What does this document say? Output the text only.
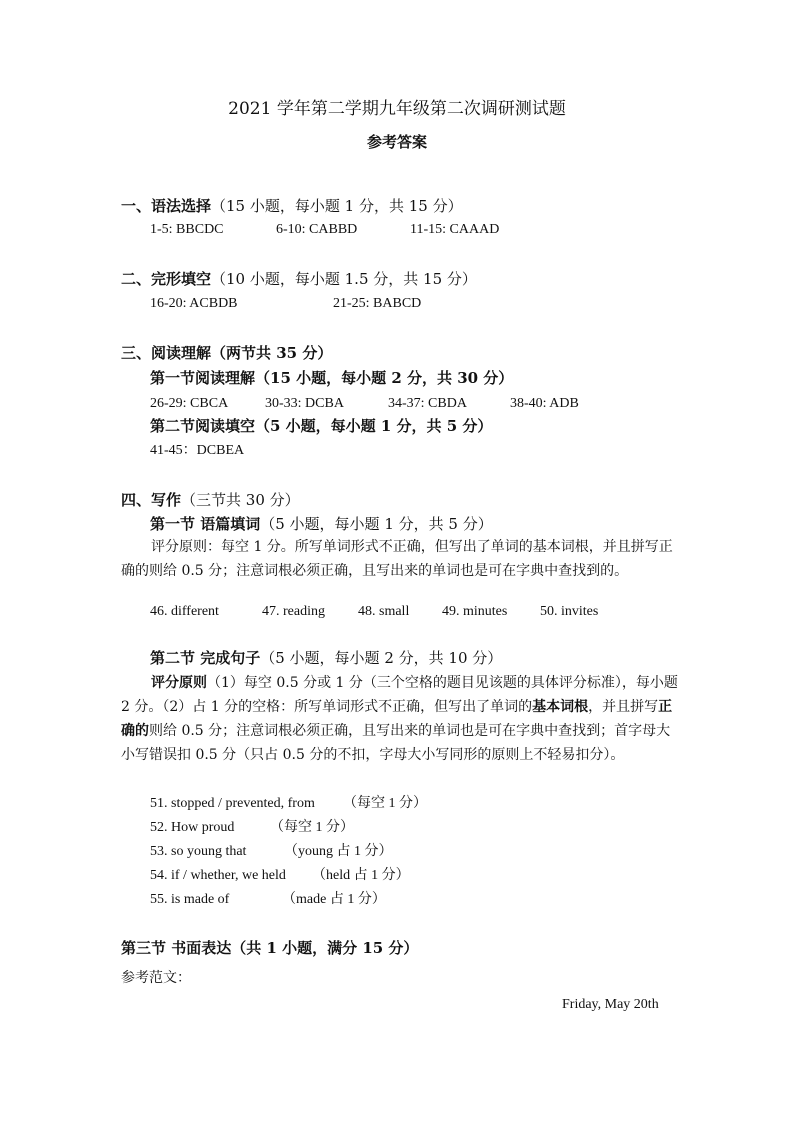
2021 学年第二学期九年级第二次调研测试题
参考答案
一、语法选择（15 小题，每小题 1 分，共 15 分）
1-5: BBCDC	6-10: CABBD	11-15: CAAAD
二、完形填空（10 小题，每小题 1.5 分，共 15 分）
16-20: ACBDB	21-25: BABCD
三、阅读理解（两节共 35 分）
第一节阅读理解（15 小题，每小题 2 分，共 30 分）
26-29: CBCA	30-33: DCBA	34-37: CBDA	38-40: ADB
第二节阅读填空（5 小题，每小题 1 分，共 5 分）
41-45：DCBEA
四、写作（三节共 30 分）
第一节 语篇填词（5 小题，每小题 1 分，共 5 分）
评分原则：每空 1 分。所写单词形式不正确，但写出了单词的基本词根，并且拼写正确的则给 0.5 分；注意词根必须正确，且写出来的单词也是可在字典中查找到的。
46. different	47. reading 48. small 49. minutes 50. invites
第二节 完成句子（5 小题，每小题 2 分，共 10 分）
评分原则（1）每空 0.5 分或 1 分（三个空格的题目见该题的具体评分标准），每小题 2 分。（2）占 1 分的空格：所写单词形式不正确，但写出了单词的基本词根，并且拼写正确的则给 0.5 分；注意词根必须正确，且写出来的单词也是可在字典中查找到；首字母大小写错误扣 0.5 分（只占 0.5 分的不扣，字母大小写同形的原则上不轻易扣分）。
51. stopped / prevented, from （每空 1 分）
52. How proud	（每空 1 分）
53. so young that	（young 占 1 分）
54. if / whether, we held （held 占 1 分）
55. is made of	（made 占 1 分）
第三节 书面表达（共 1 小题，满分 15 分）
参考范文：
Friday, May 20th
